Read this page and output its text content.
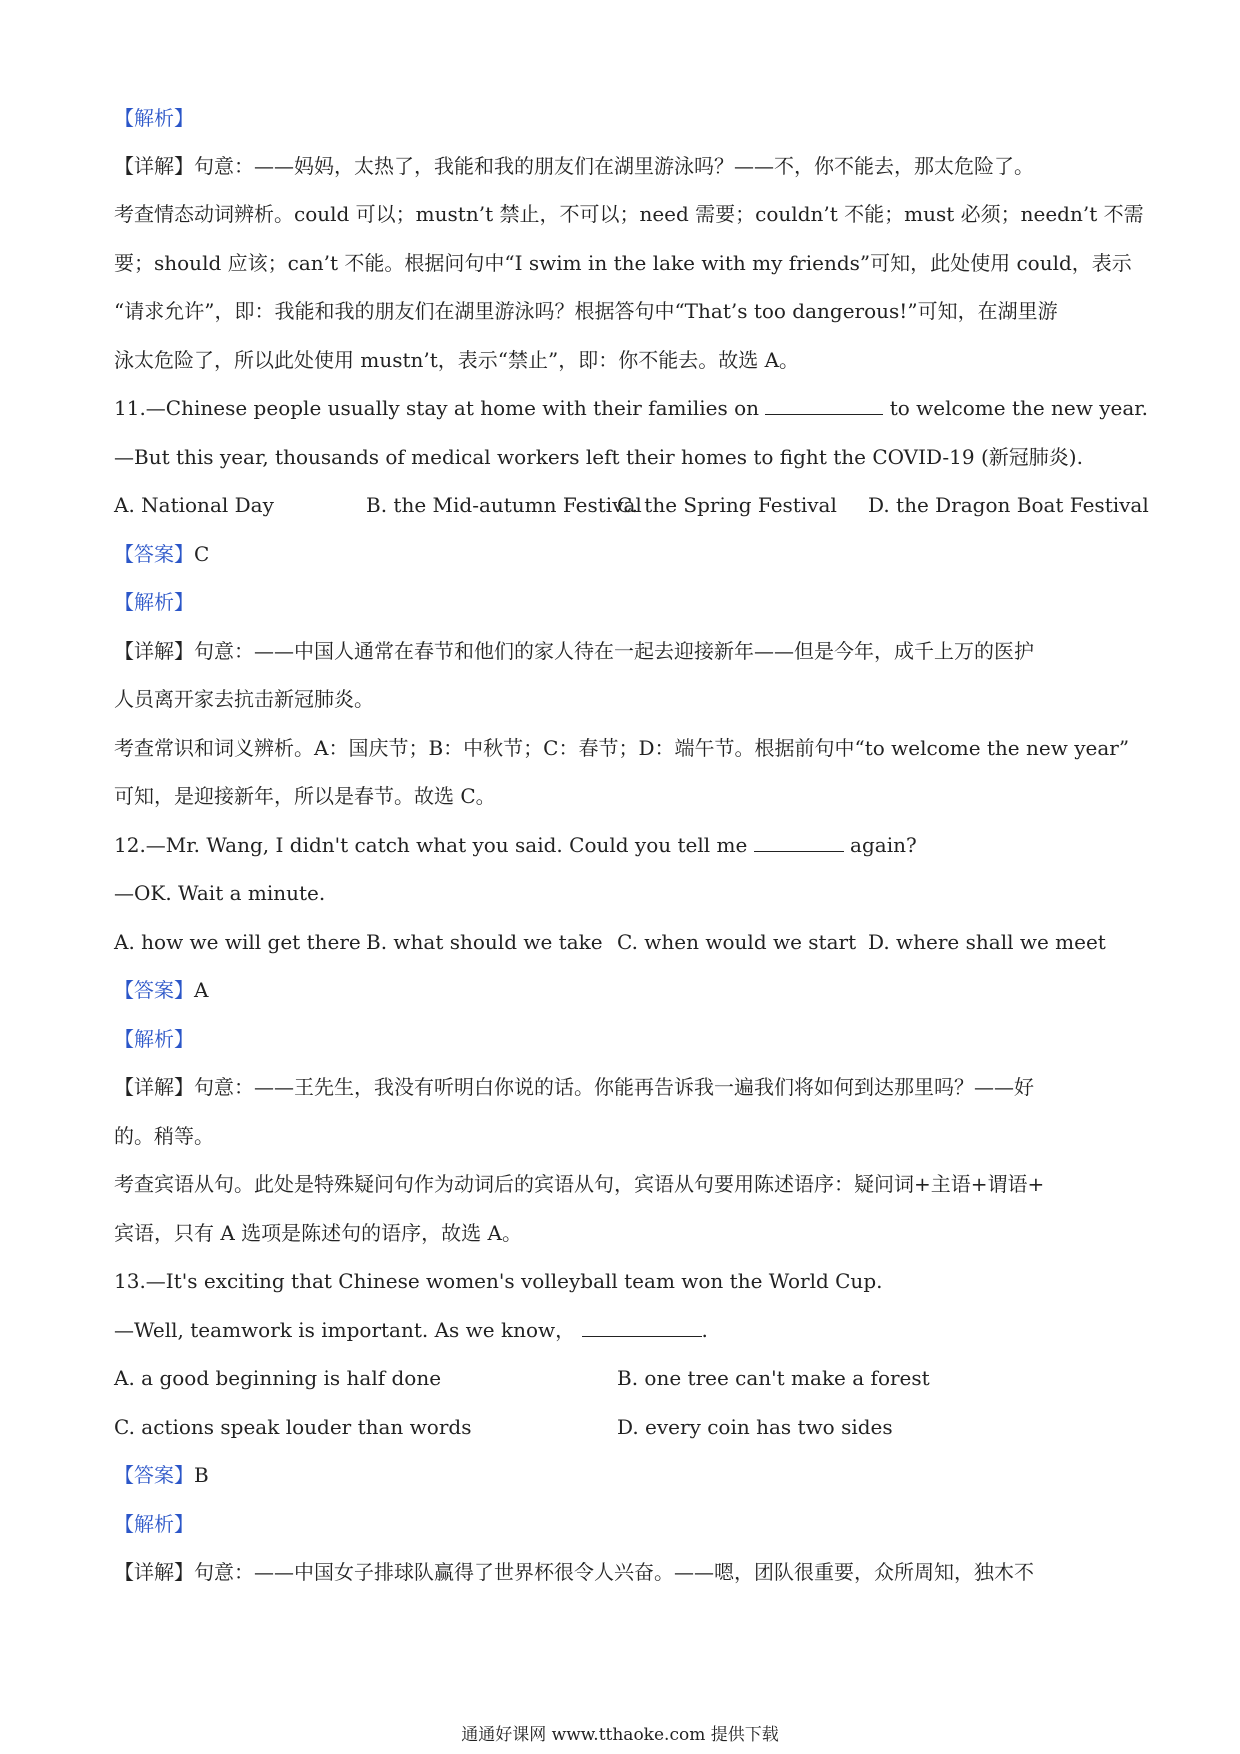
【解析】
【详解】句意：——妈妈，太热了，我能和我的朋友们在湖里游泳吗？——不，你不能去，那太危险了。
考查情态动词辨析。could 可以；mustn’t 禁止，不可以；need 需要；couldn’t 不能；must 必须；needn’t 不需
要；should 应该；can’t 不能。根据问句中“I swim in the lake with my friends”可知，此处使用 could，表示
“请求允许”，即：我能和我的朋友们在湖里游泳吗？根据答句中“That’s too dangerous!”可知，在湖里游
泳太危险了，所以此处使用 mustn’t，表示“禁止”，即：你不能去。故选 A。
11.—Chinese people usually stay at home with their families on	to welcome the new year.
—But this year, thousands of medical workers left their homes to fight the COVID-19 (新冠肺炎).
A. National Day	B. the Mid-autumn Festival
C. the Spring Festival D. the Dragon Boat Festival
【答案】C
【解析】
【详解】句意：——中国人通常在春节和他们的家人待在一起去迎接新年——但是今年，成千上万的医护
人员离开家去抗击新冠肺炎。
考查常识和词义辨析。A：国庆节；B：中秋节；C：春节；D：端午节。根据前句中“to welcome the new year”
可知，是迎接新年，所以是春节。故选 C。
12.—Mr. Wang, I didn't catch what you said. Could you tell me	again?
—OK. Wait a minute.
A. how we will get there B. what should we take C. when would we start D. where shall we meet
【答案】A
【解析】
【详解】句意：——王先生，我没有听明白你说的话。你能再告诉我一遍我们将如何到达那里吗？——好
的。稍等。
考查宾语从句。此处是特殊疑问句作为动词后的宾语从句，宾语从句要用陈述语序：疑问词+主语+谓语+
宾语，只有 A 选项是陈述句的语序，故选 A。
13.—It's exciting that Chinese women's volleyball team won the World Cup.
—Well, teamwork is important. As we know，	.
A. a good beginning is half done	B. one tree can't make a forest
C. actions speak louder than words	D. every coin has two sides
【答案】B
【解析】
【详解】句意：——中国女子排球队赢得了世界杯很令人兴奋。——嗯，团队很重要，众所周知，独木不
通通好课网 www.tthaoke.com 提供下载
